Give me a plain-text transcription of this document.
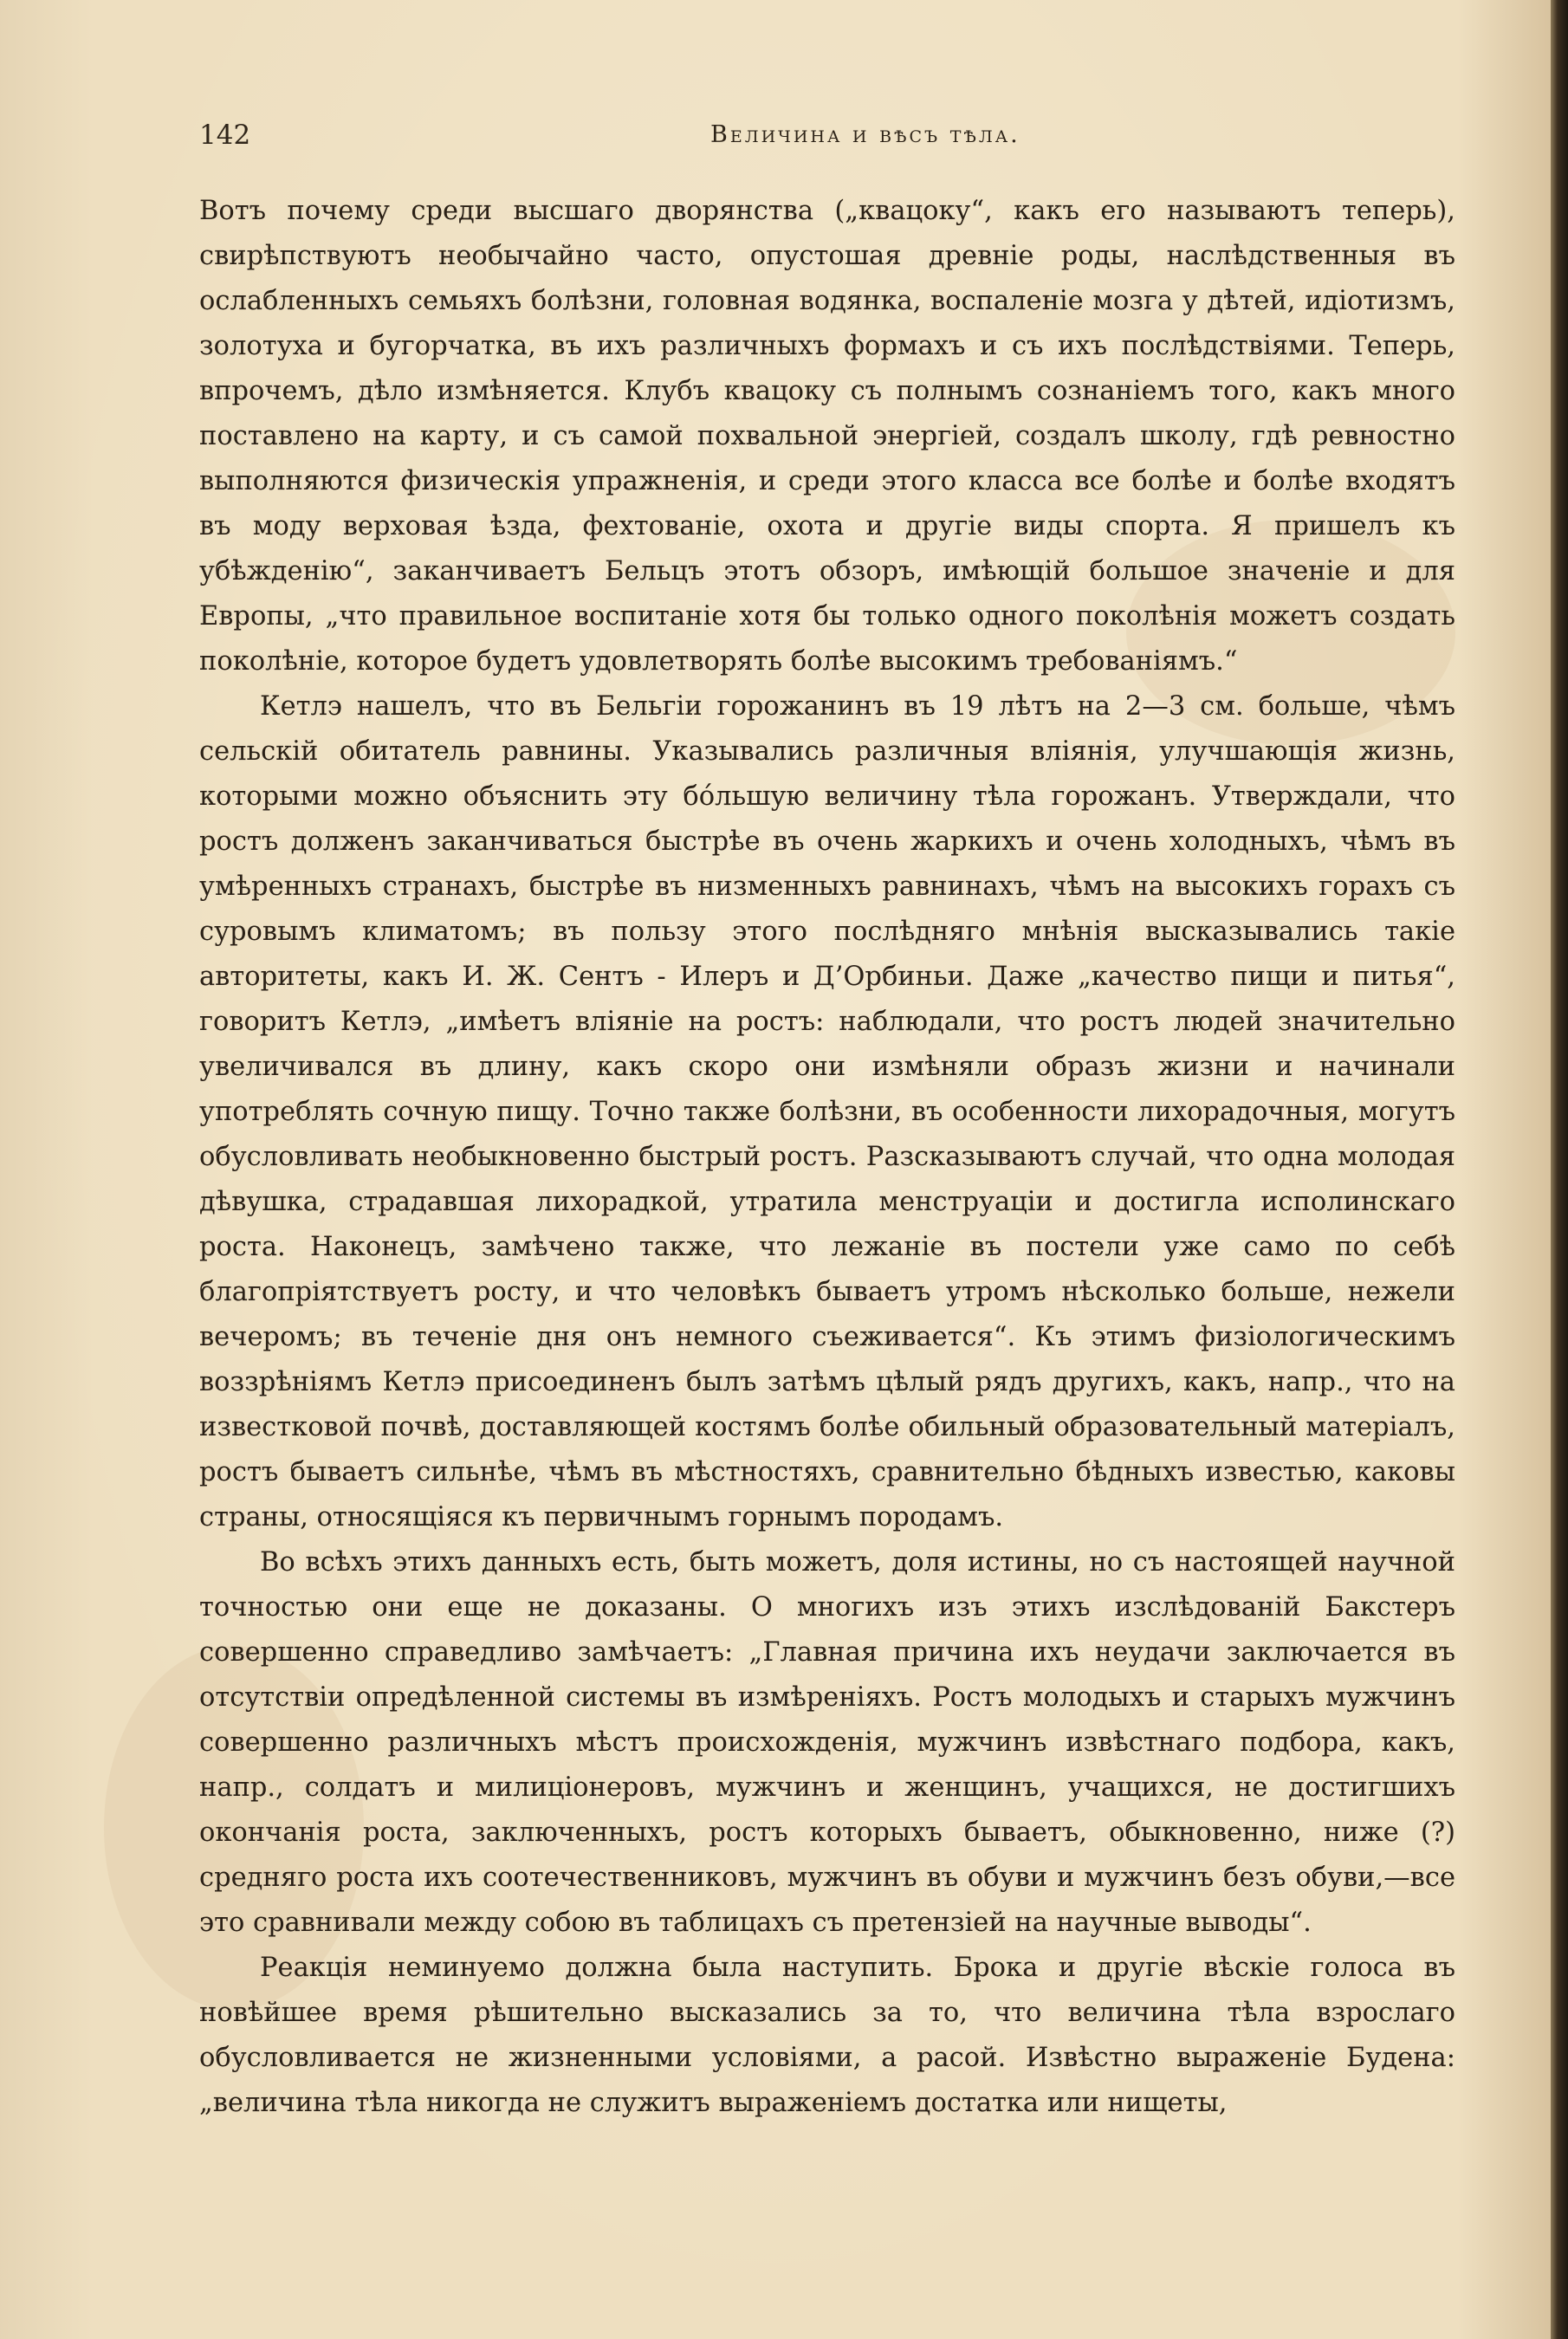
142	Величина и вѣсъ тѣла.

Вотъ почему среди высшаго дворянства („квацоку“, какъ его называютъ теперь), свирѣпствуютъ необычайно часто, опустошая древніе роды, наслѣдственныя въ ослабленныхъ семьяхъ болѣзни, головная водянка, воспаленіе мозга у дѣтей, идіотизмъ, золотуха и бугорчатка, въ ихъ различныхъ формахъ и съ ихъ послѣдствіями. Теперь, впрочемъ, дѣло измѣняется. Клубъ квацоку съ полнымъ сознаніемъ того, какъ много поставлено на карту, и съ самой похвальной энергіей, создалъ школу, гдѣ ревностно выполняются физическія упражненія, и среди этого класса все болѣе и болѣе входятъ въ моду верховая ѣзда, фехтованіе, охота и другіе виды спорта. Я пришелъ къ убѣжденію“, заканчиваетъ Бельцъ этотъ обзоръ, имѣющій большое значеніе и для Европы, „что правильное воспитаніе хотя бы только одного поколѣнія можетъ создать поколѣніе, которое будетъ удовлетворять болѣе высокимъ требованіямъ.“

Кетлэ нашелъ, что въ Бельгіи горожанинъ въ 19 лѣтъ на 2—3 см. больше, чѣмъ сельскій обитатель равнины. Указывались различныя вліянія, улучшающія жизнь, которыми можно объяснить эту бóльшую величину тѣла горожанъ. Утверждали, что ростъ долженъ заканчиваться быстрѣе въ очень жаркихъ и очень холодныхъ, чѣмъ въ умѣренныхъ странахъ, быстрѣе въ низменныхъ равнинахъ, чѣмъ на высокихъ горахъ съ суровымъ климатомъ; въ пользу этого послѣдняго мнѣнія высказывались такіе авторитеты, какъ И. Ж. Сентъ - Илеръ и Д’Орбиньи. Даже „качество пищи и питья“, говоритъ Кетлэ, „имѣетъ вліяніе на ростъ: наблюдали, что ростъ людей значительно увеличивался въ длину, какъ скоро они измѣняли образъ жизни и начинали употреблять сочную пищу. Точно также болѣзни, въ особенности лихорадочныя, могутъ обусловливать необыкновенно быстрый ростъ. Разсказываютъ случай, что одна молодая дѣвушка, страдавшая лихорадкой, утратила менструаціи и достигла исполинскаго роста. Наконецъ, замѣчено также, что лежаніе въ постели уже само по себѣ благопріятствуетъ росту, и что человѣкъ бываетъ утромъ нѣсколько больше, нежели вечеромъ; въ теченіе дня онъ немного съеживается“. Къ этимъ физіологическимъ воззрѣніямъ Кетлэ присоединенъ былъ затѣмъ цѣлый рядъ другихъ, какъ, напр., что на известковой почвѣ, доставляющей костямъ болѣе обильный образовательный матеріалъ, ростъ бываетъ сильнѣе, чѣмъ въ мѣстностяхъ, сравнительно бѣдныхъ известью, каковы страны, относящіяся къ первичнымъ горнымъ породамъ.

Во всѣхъ этихъ данныхъ есть, быть можетъ, доля истины, но съ настоящей научной точностью они еще не доказаны. О многихъ изъ этихъ изслѣдованій Бакстеръ совершенно справедливо замѣчаетъ: „Главная причина ихъ неудачи заключается въ отсутствіи опредѣленной системы въ измѣреніяхъ. Ростъ молодыхъ и старыхъ мужчинъ совершенно различныхъ мѣстъ происхожденія, мужчинъ извѣстнаго подбора, какъ, напр., солдатъ и милиціонеровъ, мужчинъ и женщинъ, учащихся, не достигшихъ окончанія роста, заключенныхъ, ростъ которыхъ бываетъ, обыкновенно, ниже (?) средняго роста ихъ соотечественниковъ, мужчинъ въ обуви и мужчинъ безъ обуви,—все это сравнивали между собою въ таблицахъ съ претензіей на научные выводы“.

Реакція неминуемо должна была наступить. Брока и другіе вѣскіе голоса въ новѣйшее время рѣшительно высказались за то, что величина тѣла взрослаго обусловливается не жизненными условіями, а расой. Извѣстно выраженіе Будена: „величина тѣла никогда не служитъ выраженіемъ достатка или нищеты,
